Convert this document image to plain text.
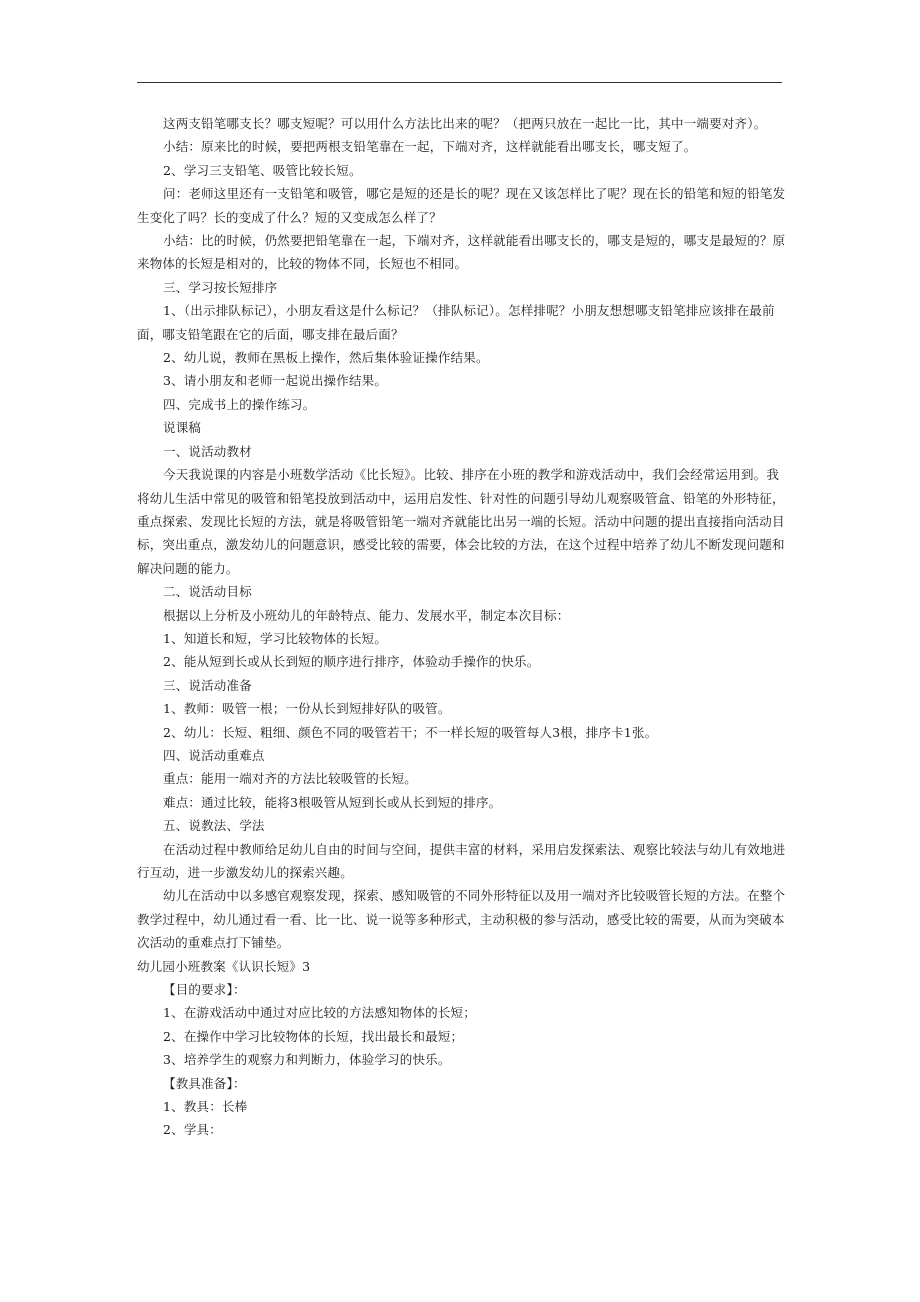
这两支铅笔哪支长？哪支短呢？可以用什么方法比出来的呢？（把两只放在一起比一比，其中一端要对齐）。

小结：原来比的时候，要把两根支铅笔靠在一起，下端对齐，这样就能看出哪支长，哪支短了。

2、学习三支铅笔、吸管比较长短。

问：老师这里还有一支铅笔和吸管，哪它是短的还是长的呢？现在又该怎样比了呢？现在长的铅笔和短的铅笔发生变化了吗？长的变成了什么？短的又变成怎么样了？

小结：比的时候，仍然要把铅笔靠在一起，下端对齐，这样就能看出哪支长的，哪支是短的，哪支是最短的？原来物体的长短是相对的，比较的物体不同，长短也不相同。

三、学习按长短排序

1、（出示排队标记），小朋友看这是什么标记？（排队标记）。怎样排呢？小朋友想想哪支铅笔排应该排在最前面，哪支铅笔跟在它的后面，哪支排在最后面？

2、幼儿说，教师在黑板上操作，然后集体验证操作结果。

3、请小朋友和老师一起说出操作结果。

四、完成书上的操作练习。

说课稿

一、说活动教材

今天我说课的内容是小班数学活动《比长短》。比较、排序在小班的教学和游戏活动中，我们会经常运用到。我将幼儿生活中常见的吸管和铅笔投放到活动中，运用启发性、针对性的问题引导幼儿观察吸管盒、铅笔的外形特征，重点探索、发现比长短的方法，就是将吸管铅笔一端对齐就能比出另一端的长短。活动中问题的提出直接指向活动目标，突出重点，激发幼儿的问题意识，感受比较的需要，体会比较的方法，在这个过程中培养了幼儿不断发现问题和解决问题的能力。

二、说活动目标

根据以上分析及小班幼儿的年龄特点、能力、发展水平，制定本次目标：

1、知道长和短，学习比较物体的长短。

2、能从短到长或从长到短的顺序进行排序，体验动手操作的快乐。

三、说活动准备

1、教师：吸管一根；一份从长到短排好队的吸管。

2、幼儿：长短、粗细、颜色不同的吸管若干；不一样长短的吸管每人3根，排序卡1张。

四、说活动重难点

重点：能用一端对齐的方法比较吸管的长短。

难点：通过比较，能将3根吸管从短到长或从长到短的排序。

五、说教法、学法

在活动过程中教师给足幼儿自由的时间与空间，提供丰富的材料，采用启发探索法、观察比较法与幼儿有效地进行互动，进一步激发幼儿的探索兴趣。

幼儿在活动中以多感官观察发现，探索、感知吸管的不同外形特征以及用一端对齐比较吸管长短的方法。在整个教学过程中，幼儿通过看一看、比一比、说一说等多种形式，主动积极的参与活动，感受比较的需要，从而为突破本次活动的重难点打下铺垫。

幼儿园小班教案《认识长短》3

【目的要求】：

1、在游戏活动中通过对应比较的方法感知物体的长短；

2、在操作中学习比较物体的长短，找出最长和最短；

3、培养学生的观察力和判断力，体验学习的快乐。

【教具准备】：

1、教具：长棒

2、学具：
